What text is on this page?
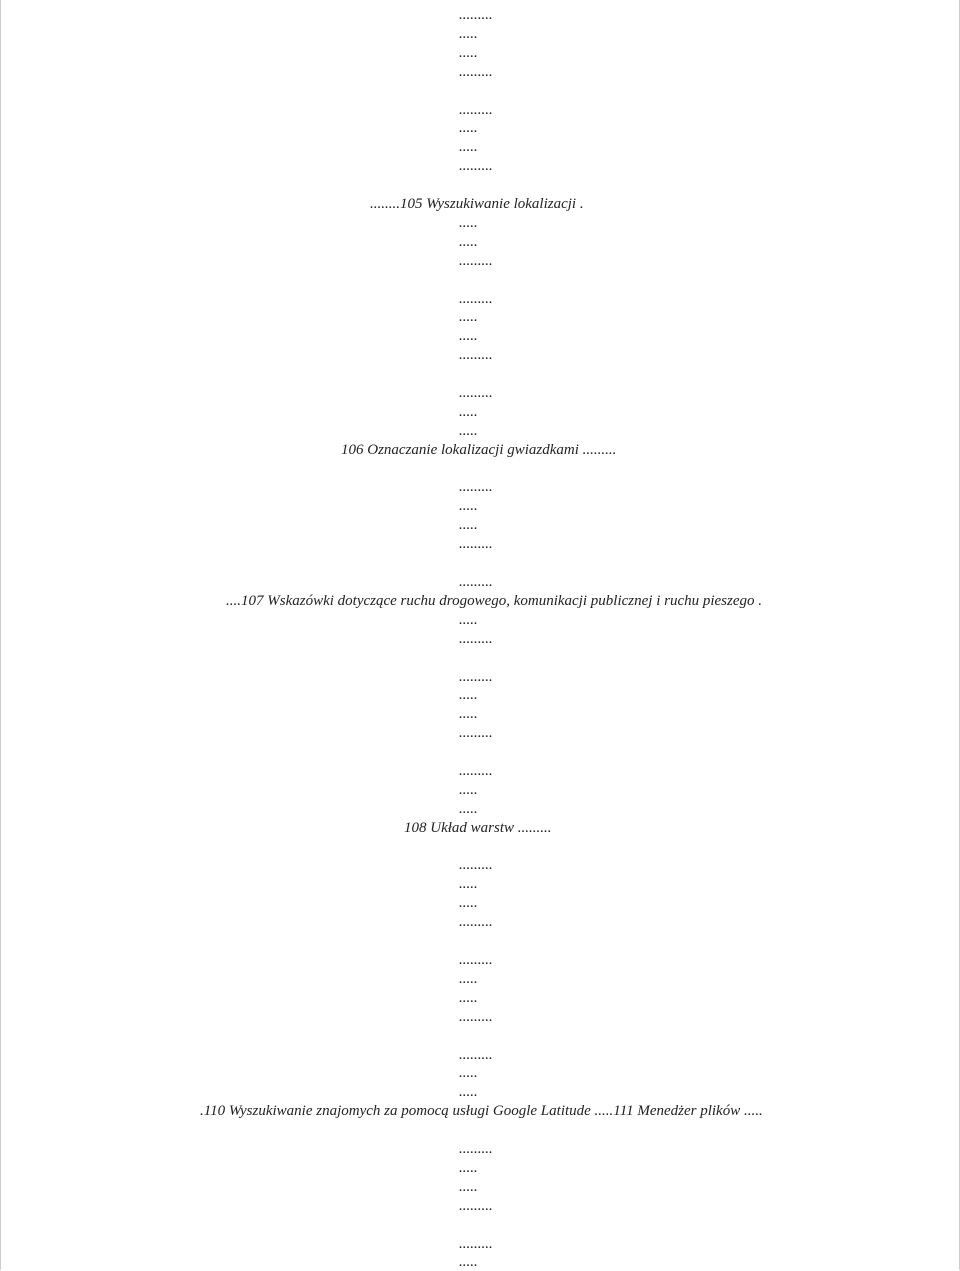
.........
.....
.....
.........
.........
.....
.....
.........
........105 Wyszukiwanie lokalizacji .
.....
.....
.........
.........
.....
.....
.........
.........
.....
.....
106 Oznaczanie lokalizacji gwiazdkami .........
.........
.....
.....
.........
.........
....107 Wskazówki dotyczące ruchu drogowego, komunikacji publicznej i ruchu pieszego .
.....
.........
.........
.....
.....
.........
.........
.....
.....
108 Układ warstw .........
.........
.....
.....
.........
.........
.....
.....
.........
.........
.....
.....
.110 Wyszukiwanie znajomych za pomocą usługi Google Latitude .....111 Menedżer plików .....
.........
.....
.....
.........
.........
.....
